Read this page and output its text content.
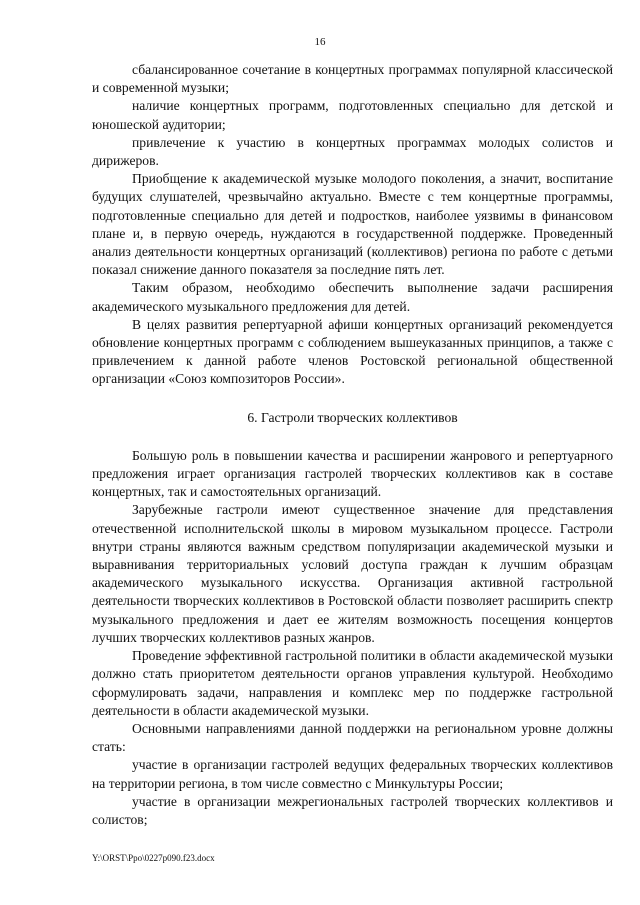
16

сбалансированное сочетание в концертных программах популярной классической и современной музыки;

наличие концертных программ, подготовленных специально для детской и юношеской аудитории;

привлечение к участию в концертных программах молодых солистов и дирижеров.

Приобщение к академической музыке молодого поколения, а значит, воспитание будущих слушателей, чрезвычайно актуально. Вместе с тем концертные программы, подготовленные специально для детей и подростков, наиболее уязвимы в финансовом плане и, в первую очередь, нуждаются в государственной поддержке. Проведенный анализ деятельности концертных организаций (коллективов) региона по работе с детьми показал снижение данного показателя за последние пять лет.

Таким образом, необходимо обеспечить выполнение задачи расширения академического музыкального предложения для детей.

В целях развития репертуарной афиши концертных организаций рекомендуется обновление концертных программ с соблюдением вышеуказанных принципов, а также с привлечением к данной работе членов Ростовской региональной общественной организации «Союз композиторов России».

6. Гастроли творческих коллективов

Большую роль в повышении качества и расширении жанрового и репертуарного предложения играет организация гастролей творческих коллективов как в составе концертных, так и самостоятельных организаций.

Зарубежные гастроли имеют существенное значение для представления отечественной исполнительской школы в мировом музыкальном процессе. Гастроли внутри страны являются важным средством популяризации академической музыки и выравнивания территориальных условий доступа граждан к лучшим образцам академического музыкального искусства. Организация активной гастрольной деятельности творческих коллективов в Ростовской области позволяет расширить спектр музыкального предложения и дает ее жителям возможность посещения концертов лучших творческих коллективов разных жанров.

Проведение эффективной гастрольной политики в области академической музыки должно стать приоритетом деятельности органов управления культурой. Необходимо сформулировать задачи, направления и комплекс мер по поддержке гастрольной деятельности в области академической музыки.

Основными направлениями данной поддержки на региональном уровне должны стать:

участие в организации гастролей ведущих федеральных творческих коллективов на территории региона, в том числе совместно с Минкультуры России;

участие в организации межрегиональных гастролей творческих коллективов и солистов;

Y:\ORST\Ppo\0227p090.f23.docx
